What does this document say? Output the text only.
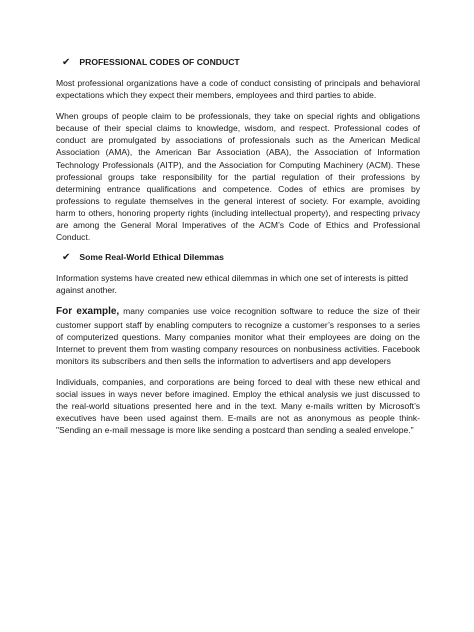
✔ PROFESSIONAL CODES OF CONDUCT

Most professional organizations have a code of conduct consisting of principals and behavioral expectations which they expect their members, employees and third parties to abide.

When groups of people claim to be professionals, they take on special rights and obligations because of their special claims to knowledge, wisdom, and respect. Professional codes of conduct are promulgated by associations of professionals such as the American Medical Association (AMA), the American Bar Association (ABA), the Association of Information Technology Professionals (AITP), and the Association for Computing Machinery (ACM). These professional groups take responsibility for the partial regulation of their professions by determining entrance qualifications and competence. Codes of ethics are promises by professions to regulate themselves in the general interest of society. For example, avoiding harm to others, honoring property rights (including intellectual property), and respecting privacy are among the General Moral Imperatives of the ACM’s Code of Ethics and Professional Conduct.

✔ Some Real-World Ethical Dilemmas

Information systems have created new ethical dilemmas in which one set of interests is pitted against another.

For example, many companies use voice recognition software to reduce the size of their customer support staff by enabling computers to recognize a customer’s responses to a series of computerized questions. Many companies monitor what their employees are doing on the Internet to prevent them from wasting company resources on nonbusiness activities. Facebook monitors its subscribers and then sells the information to advertisers and app developers

Individuals, companies, and corporations are being forced to deal with these new ethical and social issues in ways never before imagined. Employ the ethical analysis we just discussed to the real-world situations presented here and in the text. Many e-mails written by Microsoft’s executives have been used against them. E-mails are not as anonymous as people think-"Sending an e-mail message is more like sending a postcard than sending a sealed envelope."
